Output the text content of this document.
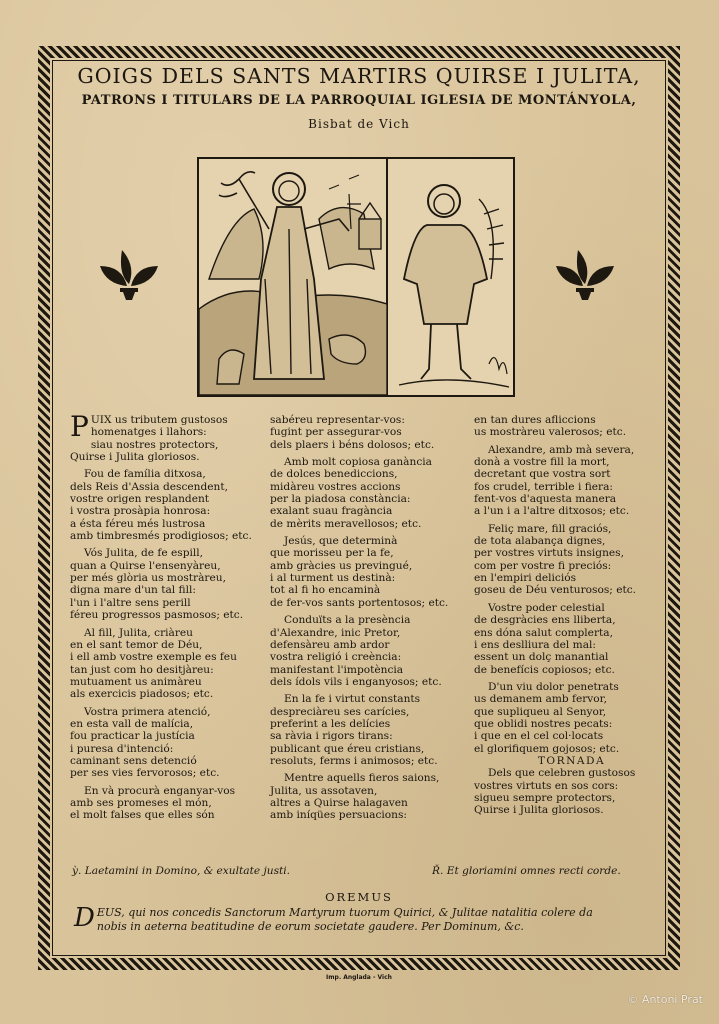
GOIGS DELS SANTS MARTIRS QUIRSE I JULITA,
PATRONS I TITULARS DE LA PARROQUIAL IGLESIA DE MONTÁNYOLA,
Bisbat de Vich
P UIX us tributem gustosos
homenatges i llahors:
siau nostres protectors,
Quirse i Julita gloriosos.
Fou de família ditxosa,
dels Reis d'Assia descendent,
vostre origen resplandent
i vostra prosàpia honrosa:
a ésta féreu més lustrosa
amb timbresmés prodigiosos; etc.
Vós Julita, de fe espill,
quan a Quirse l'ensenyàreu,
per més glòria us mostràreu,
digna mare d'un tal fill:
l'un i l'altre sens perill
féreu progressos pasmosos; etc.
Al fill, Julita, criàreu
en el sant temor de Déu,
i ell amb vostre exemple es feu
tan just com ho desitjàreu:
mutuament us animàreu
als exercicis piadosos; etc.
Vostra primera atenció,
en esta vall de malícia,
fou practicar la justícia
i puresa d'intenció:
caminant sens detenció
per ses vies fervorosos; etc.
En và procurà enganyar-vos
amb ses promeses el món,
el molt falses que elles són
sabéreu representar-vos:
fugint per assegurar-vos
dels plaers i béns dolosos; etc.
Amb molt copiosa ganància
de dolces benediccions,
midàreu vostres accions
per la piadosa constància:
exalant suau fragància
de mèrits meravellosos; etc.
Jesús, que determinà
que morisseu per la fe,
amb gràcies us previngué,
i al turment us destinà:
tot al fi ho encaminà
de fer-vos sants portentosos; etc.
Conduïts a la presència
d'Alexandre, inic Pretor,
defensàreu amb ardor
vostra religió i creència:
manifestant l'impotència
dels ídols vils i enganyosos; etc.
En la fe i virtut constants
despreciàreu ses carícies,
preferint a les delícies
sa ràvia i rigors tirans:
publicant que éreu cristians,
resoluts, ferms i animosos; etc.
Mentre aquells fieros saions,
Julita, us assotaven,
altres a Quirse halagaven
amb iníqües persuacions:
en tan dures aflіccions
us mostràreu valerosos; etc.
Alexandre, amb mà severa,
donà a vostre fill la mort,
decretant que vostra sort
fos crudel, terrible i fiera:
fent-vos d'aquesta manera
a l'un i a l'altre ditxosos; etc.
Feliç mare, fill graciós,
de tota alabança dignes,
per vostres virtuts insignes,
com per vostre fi preciós:
en l'empiri deliciós
goseu de Déu venturosos; etc.
Vostre poder celestial
de desgràcies ens lliberta,
ens dóna salut complerta,
i ens deslliura del mal:
essent un dolç manantial
de benefícis copiosos; etc.
D'un viu dolor penetrats
us demanem amb fervor,
que supliqueu al Senyor,
que oblidi nostres pecats:
i que en el cel col·locats
el glorifiquem gojosos; etc.
TORNADA
Dels que celebren gustosos
vostres virtuts en sos cors:
sigueu sempre protectors,
Quirse i Julita gloriosos.
ỳ. Laetamini in Domino, & exultate justi.	Ř. Et gloriamini omnes recti corde.
OREMUS
D EUS, qui nos concedis Sanctorum Martyrum tuorum Quirici, & Julitae natalitia colere da
nobis in aeterna beatitudine de eorum societate gaudere. Per Dominum, &c.
Imp. Anglada - Vich
© Antoni Prat
